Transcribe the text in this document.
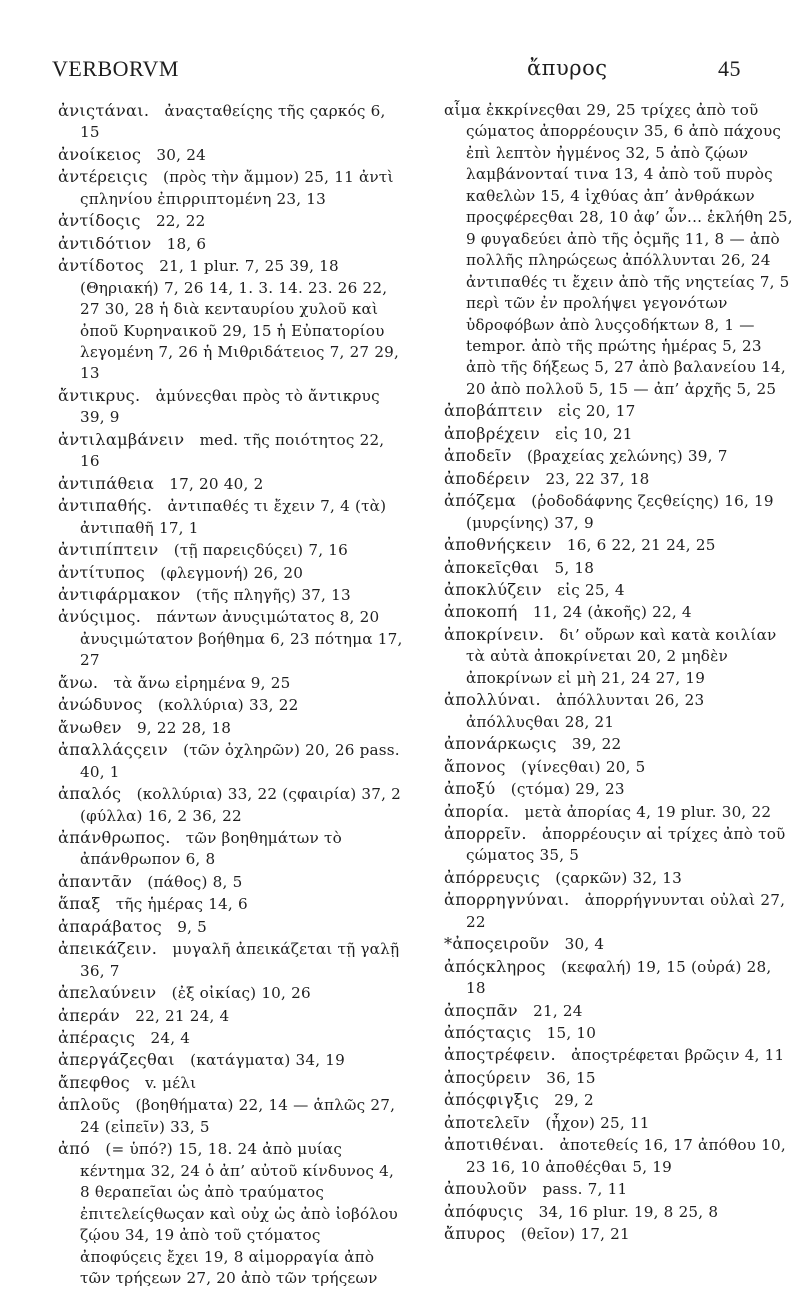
VERBORVM	ἄπυρος	45

ἀνιςτάναι.  ἀναςταθείςης τῆς ςαρκός 6, 15

ἀνοίκειος  30, 24

ἀντέρειςις  (πρὸς τὴν ἄμμον) 25, 11 ἀντὶ ςπληνίου ἐπιρριπτομένη 23, 13

ἀντίδοςις  22, 22

ἀντιδότιον  18, 6

ἀντίδοτος  21, 1 plur. 7, 25 39, 18 (Θηριακή) 7, 26 14, 1. 3. 14. 23. 26 22, 27 30, 28 ἡ διὰ κενταυρίου χυλοῦ καὶ ὀποῦ Κυρηναικοῦ 29, 15 ἡ Εὐπατορίου λεγομένη 7, 26 ἡ Μιθριδάτειος 7, 27 29, 13

ἄντικρυς.  ἀμύνεςθαι πρὸς τὸ ἄντικρυς 39, 9

ἀντιλαμβάνειν  med. τῆς ποιότητος 22, 16

ἀντιπάθεια  17, 20 40, 2

ἀντιπαθής.  ἀντιπαθές τι ἔχειν 7, 4 (τὰ) ἀντιπαθῆ 17, 1

ἀντιπίπτειν  (τῇ παρειςδύςει) 7, 16

ἀντίτυπος  (φλεγμονή) 26, 20

ἀντιφάρμακον  (τῆς πληγῆς) 37, 13

ἀνύςιμος.  πάντων ἀνυςιμώτατος 8, 20 ἀνυςιμώτατον βοήθημα 6, 23 πότημα 17, 27

ἄνω.  τὰ ἄνω εἰρημένα 9, 25

ἀνώδυνος  (κολλύρια) 33, 22

ἄνωθεν  9, 22 28, 18

ἀπαλλάςςειν  (τῶν ὀχληρῶν) 20, 26 pass. 40, 1

ἀπαλός  (κολλύρια) 33, 22 (ςφαιρία) 37, 2 (φύλλα) 16, 2 36, 22

ἀπάνθρωπος.  τῶν βοηθημάτων τὸ ἀπάνθρωπον 6, 8

ἀπαντᾶν  (πάθος) 8, 5

ἅπαξ  τῆς ἡμέρας 14, 6

ἀπαράβατος  9, 5

ἀπεικάζειν.  μυγαλῆ ἀπεικάζεται τῇ γαλῇ 36, 7

ἀπελαύνειν  (ἐξ οἰκίας) 10, 26

ἀπεράν  22, 21 24, 4

ἀπέραςις  24, 4

ἀπεργάζεςθαι  (κατάγματα) 34, 19

ἄπεφθος  v. μέλι

ἁπλοῦς  (βοηθήματα) 22, 14 — ἁπλῶς 27, 24 (εἰπεῖν) 33, 5

ἀπό  (= ὑπό?) 15, 18. 24 ἀπὸ μυίας κέντημα 32, 24 ὁ ἀπ’ αὐτοῦ κίνδυνος 4, 8 θεραπεῖαι ὡς ἀπὸ τραύματος ἐπιτελείςθωςαν καὶ οὐχ ὡς ἀπὸ ἰοβόλου ζῴου 34, 19 ἀπὸ τοῦ ςτόματος ἀποφύςεις ἔχει 19, 8 αἱμορραγία ἀπὸ τῶν τρήςεων 27, 20 ἀπὸ τῶν τρήςεων

αἷμα ἐκκρίνεςθαι 29, 25 τρίχες ἀπὸ τοῦ ςώματος ἀπορρέουςιν 35, 6 ἀπὸ πάχους ἐπὶ λεπτὸν ἠγμένος 32, 5 ἀπὸ ζῴων λαμβάνονταί τινα 13, 4 ἀπὸ τοῦ πυρὸς καθελὼν 15, 4 ἰχθύας ἀπ’ ἀνθράκων προςφέρεςθαι 28, 10 ἀφ’ ὧν... ἑκλήθη 25, 9 φυγαδεύει ἀπὸ τῆς ὀςμῆς 11, 8 — ἀπὸ πολλῆς πληρώςεως ἀπόλλυνται 26, 24 ἀντιπαθές τι ἔχειν ἀπὸ τῆς νηςτείας 7, 5 περὶ τῶν ἐν προλήψει γεγονότων ὑδροφόβων ἀπὸ λυςςοδήκτων 8, 1 — tempor. ἀπὸ τῆς πρώτης ἡμέρας 5, 23 ἀπὸ τῆς δήξεως 5, 27 ἀπὸ βαλανείου 14, 20 ἀπὸ πολλοῦ 5, 15 — ἀπ’ ἀρχῆς 5, 25

ἀποβάπτειν  εἰς 20, 17

ἀποβρέχειν  εἰς 10, 21

ἀποδεῖν  (βραχείας χελώνης) 39, 7

ἀποδέρειν  23, 22 37, 18

ἀπόζεμα  (ῥοδοδάφνης ζεςθείςης) 16, 19 (μυρςίνης) 37, 9

ἀποθνήςκειν  16, 6 22, 21 24, 25

ἀποκεῖςθαι  5, 18

ἀποκλύζειν  εἰς 25, 4

ἀποκοπή  11, 24 (ἀκοῆς) 22, 4

ἀποκρίνειν.  δι’ οὔρων καὶ κατὰ κοιλίαν τὰ αὐτὰ ἀποκρίνεται 20, 2 μηδὲν ἀποκρίνων εἰ μὴ 21, 24 27, 19

ἀπολλύναι.  ἀπόλλυνται 26, 23 ἀπόλλυςθαι 28, 21

ἀπονάρκωςις  39, 22

ἄπονος  (γίνεςθαι) 20, 5

ἀποξύ  (ςτόμα) 29, 23

ἀπορία.  μετὰ ἀπορίας 4, 19 plur. 30, 22

ἀπορρεῖν.  ἀπορρέουςιν αἱ τρίχες ἀπὸ τοῦ ςώματος 35, 5

ἀπόρρευςις  (ςαρκῶν) 32, 13

ἀπορρηγνύναι.  ἀπορρήγνυνται οὐλαὶ 27, 22

*ἀποςειροῦν  30, 4

ἀπόςκληρος  (κεφαλή) 19, 15 (οὐρά) 28, 18

ἀποςπᾶν  21, 24

ἀπόςταςις  15, 10

ἀποςτρέφειν.  ἀποςτρέφεται βρῶςιν 4, 11

ἀποςύρειν  36, 15

ἀπόςφιγξις  29, 2

ἀποτελεῖν  (ἦχον) 25, 11

ἀποτιθέναι.  ἀποτεθείς 16, 17 ἀπόθου 10, 23 16, 10 ἀποθέςθαι 5, 19

ἀπουλοῦν  pass. 7, 11

ἀπόφυςις  34, 16 plur. 19, 8 25, 8

ἄπυρος  (θεῖον) 17, 21
